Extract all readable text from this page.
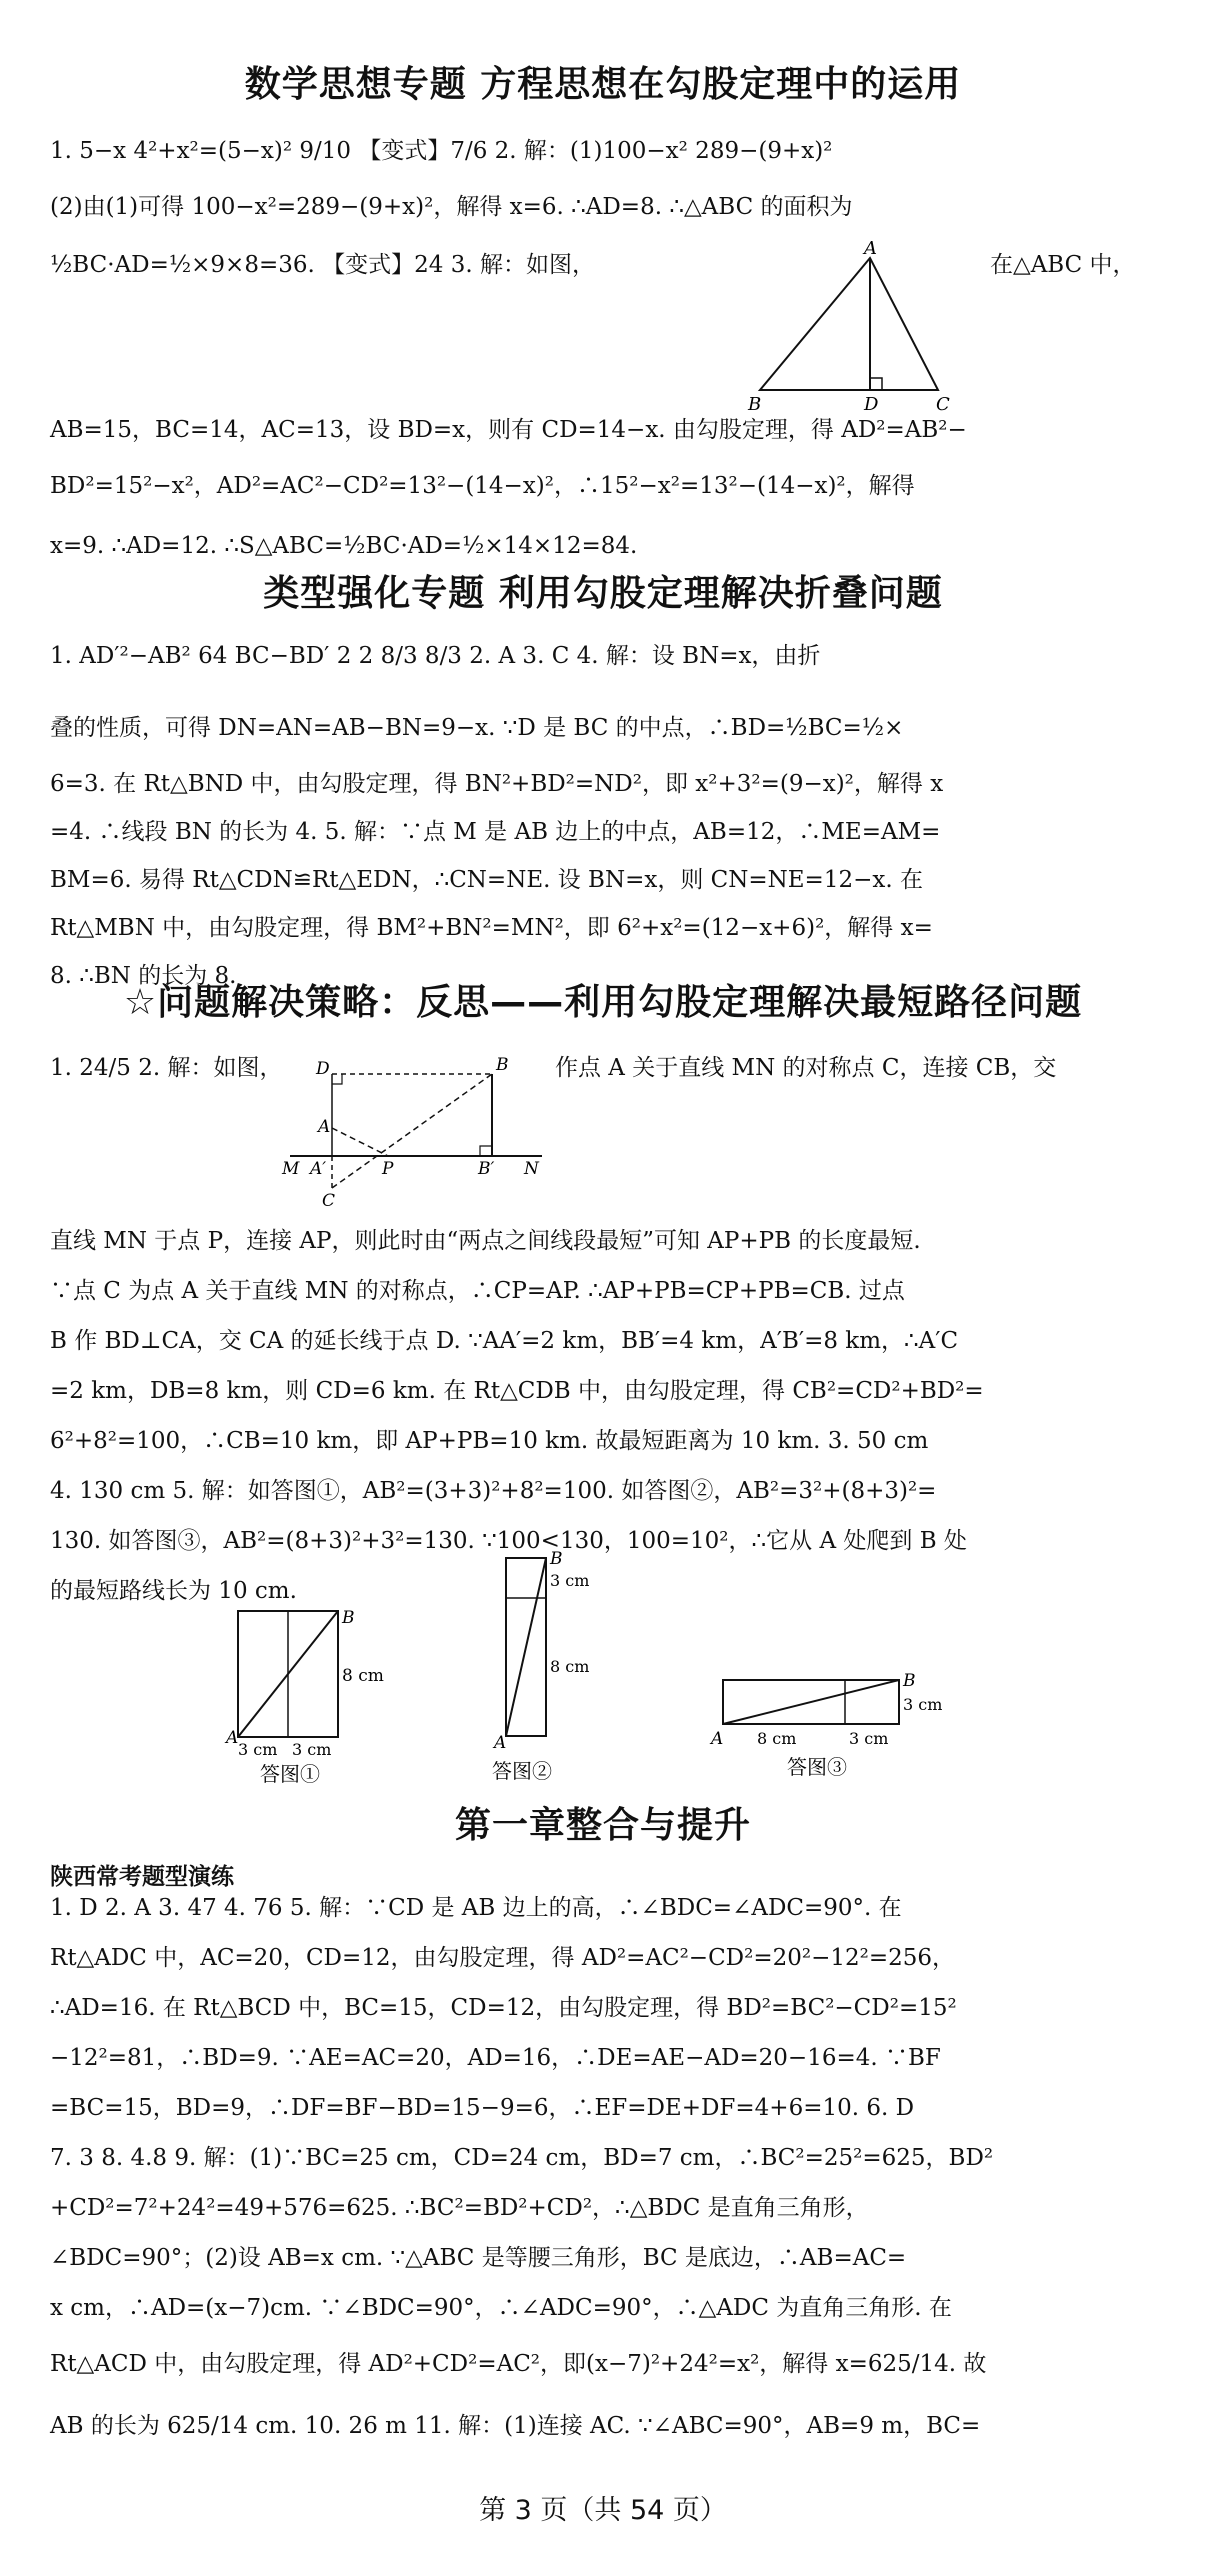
数学思想专题 方程思想在勾股定理中的运用
1. 5−x 4²+x²=(5−x)² 9/10 【变式】7/6 2. 解：(1)100−x² 289−(9+x)²
(2)由(1)可得 100−x²=289−(9+x)²，解得 x=6. ∴AD=8. ∴△ABC 的面积为
½BC·AD=½×9×8=36. 【变式】24 3. 解：如图，	在△ABC 中，
A
B	D	C
AB=15，BC=14，AC=13，设 BD=x，则有 CD=14−x. 由勾股定理，得 AD²=AB²−
BD²=15²−x²，AD²=AC²−CD²=13²−(14−x)²，∴15²−x²=13²−(14−x)²，解得
x=9. ∴AD=12. ∴S△ABC=½BC·AD=½×14×12=84.
类型强化专题 利用勾股定理解决折叠问题
1. AD′²−AB² 64 BC−BD′ 2 2 8/3 8/3 2. A 3. C 4. 解：设 BN=x，由折
叠的性质，可得 DN=AN=AB−BN=9−x. ∵D 是 BC 的中点，∴BD=½BC=½×
6=3. 在 Rt△BND 中，由勾股定理，得 BN²+BD²=ND²，即 x²+3²=(9−x)²，解得 x
=4. ∴线段 BN 的长为 4. 5. 解：∵点 M 是 AB 边上的中点，AB=12，∴ME=AM=
BM=6. 易得 Rt△CDN≌Rt△EDN，∴CN=NE. 设 BN=x，则 CN=NE=12−x. 在
Rt△MBN 中，由勾股定理，得 BM²+BN²=MN²，即 6²+x²=(12−x+6)²，解得 x=
8. ∴BN 的长为 8.
☆问题解决策略：反思——利用勾股定理解决最短路径问题
1. 24/5 2. 解：如图，	作点 A 关于直线 MN 的对称点 C，连接 CB，交
D	B
A
M A′	P	B′ N
C
直线 MN 于点 P，连接 AP，则此时由“两点之间线段最短”可知 AP+PB 的长度最短.
∵点 C 为点 A 关于直线 MN 的对称点，∴CP=AP. ∴AP+PB=CP+PB=CB. 过点
B 作 BD⊥CA，交 CA 的延长线于点 D. ∵AA′=2 km，BB′=4 km，A′B′=8 km，∴A′C
=2 km，DB=8 km，则 CD=6 km. 在 Rt△CDB 中，由勾股定理，得 CB²=CD²+BD²=
6²+8²=100，∴CB=10 km，即 AP+PB=10 km. 故最短距离为 10 km. 3. 50 cm
4. 130 cm 5. 解：如答图①，AB²=(3+3)²+8²=100. 如答图②，AB²=3²+(8+3)²=
130. 如答图③，AB²=(8+3)²+3²=130. ∵100<130，100=10²，∴它从 A 处爬到 B 处
的最短路线长为 10 cm.
B
A
8 cm
3 cm 3 cm
答图①
B
A
3 cm
8 cm
答图②
B
A
3 cm
8 cm	3 cm
答图③
第一章整合与提升
陕西常考题型演练
1. D 2. A 3. 47 4. 76 5. 解：∵CD 是 AB 边上的高，∴∠BDC=∠ADC=90°. 在
Rt△ADC 中，AC=20，CD=12，由勾股定理，得 AD²=AC²−CD²=20²−12²=256，
∴AD=16. 在 Rt△BCD 中，BC=15，CD=12，由勾股定理，得 BD²=BC²−CD²=15²
−12²=81，∴BD=9. ∵AE=AC=20，AD=16，∴DE=AE−AD=20−16=4. ∵BF
=BC=15，BD=9，∴DF=BF−BD=15−9=6，∴EF=DE+DF=4+6=10. 6. D
7. 3 8. 4.8 9. 解：(1)∵BC=25 cm，CD=24 cm，BD=7 cm，∴BC²=25²=625，BD²
+CD²=7²+24²=49+576=625. ∴BC²=BD²+CD²，∴△BDC 是直角三角形，
∠BDC=90°；(2)设 AB=x cm. ∵△ABC 是等腰三角形，BC 是底边，∴AB=AC=
x cm，∴AD=(x−7)cm. ∵∠BDC=90°，∴∠ADC=90°，∴△ADC 为直角三角形. 在
Rt△ACD 中，由勾股定理，得 AD²+CD²=AC²，即(x−7)²+24²=x²，解得 x=625/14. 故
AB 的长为 625/14 cm. 10. 26 m 11. 解：(1)连接 AC. ∵∠ABC=90°，AB=9 m，BC=
第 3 页（共 54 页）
